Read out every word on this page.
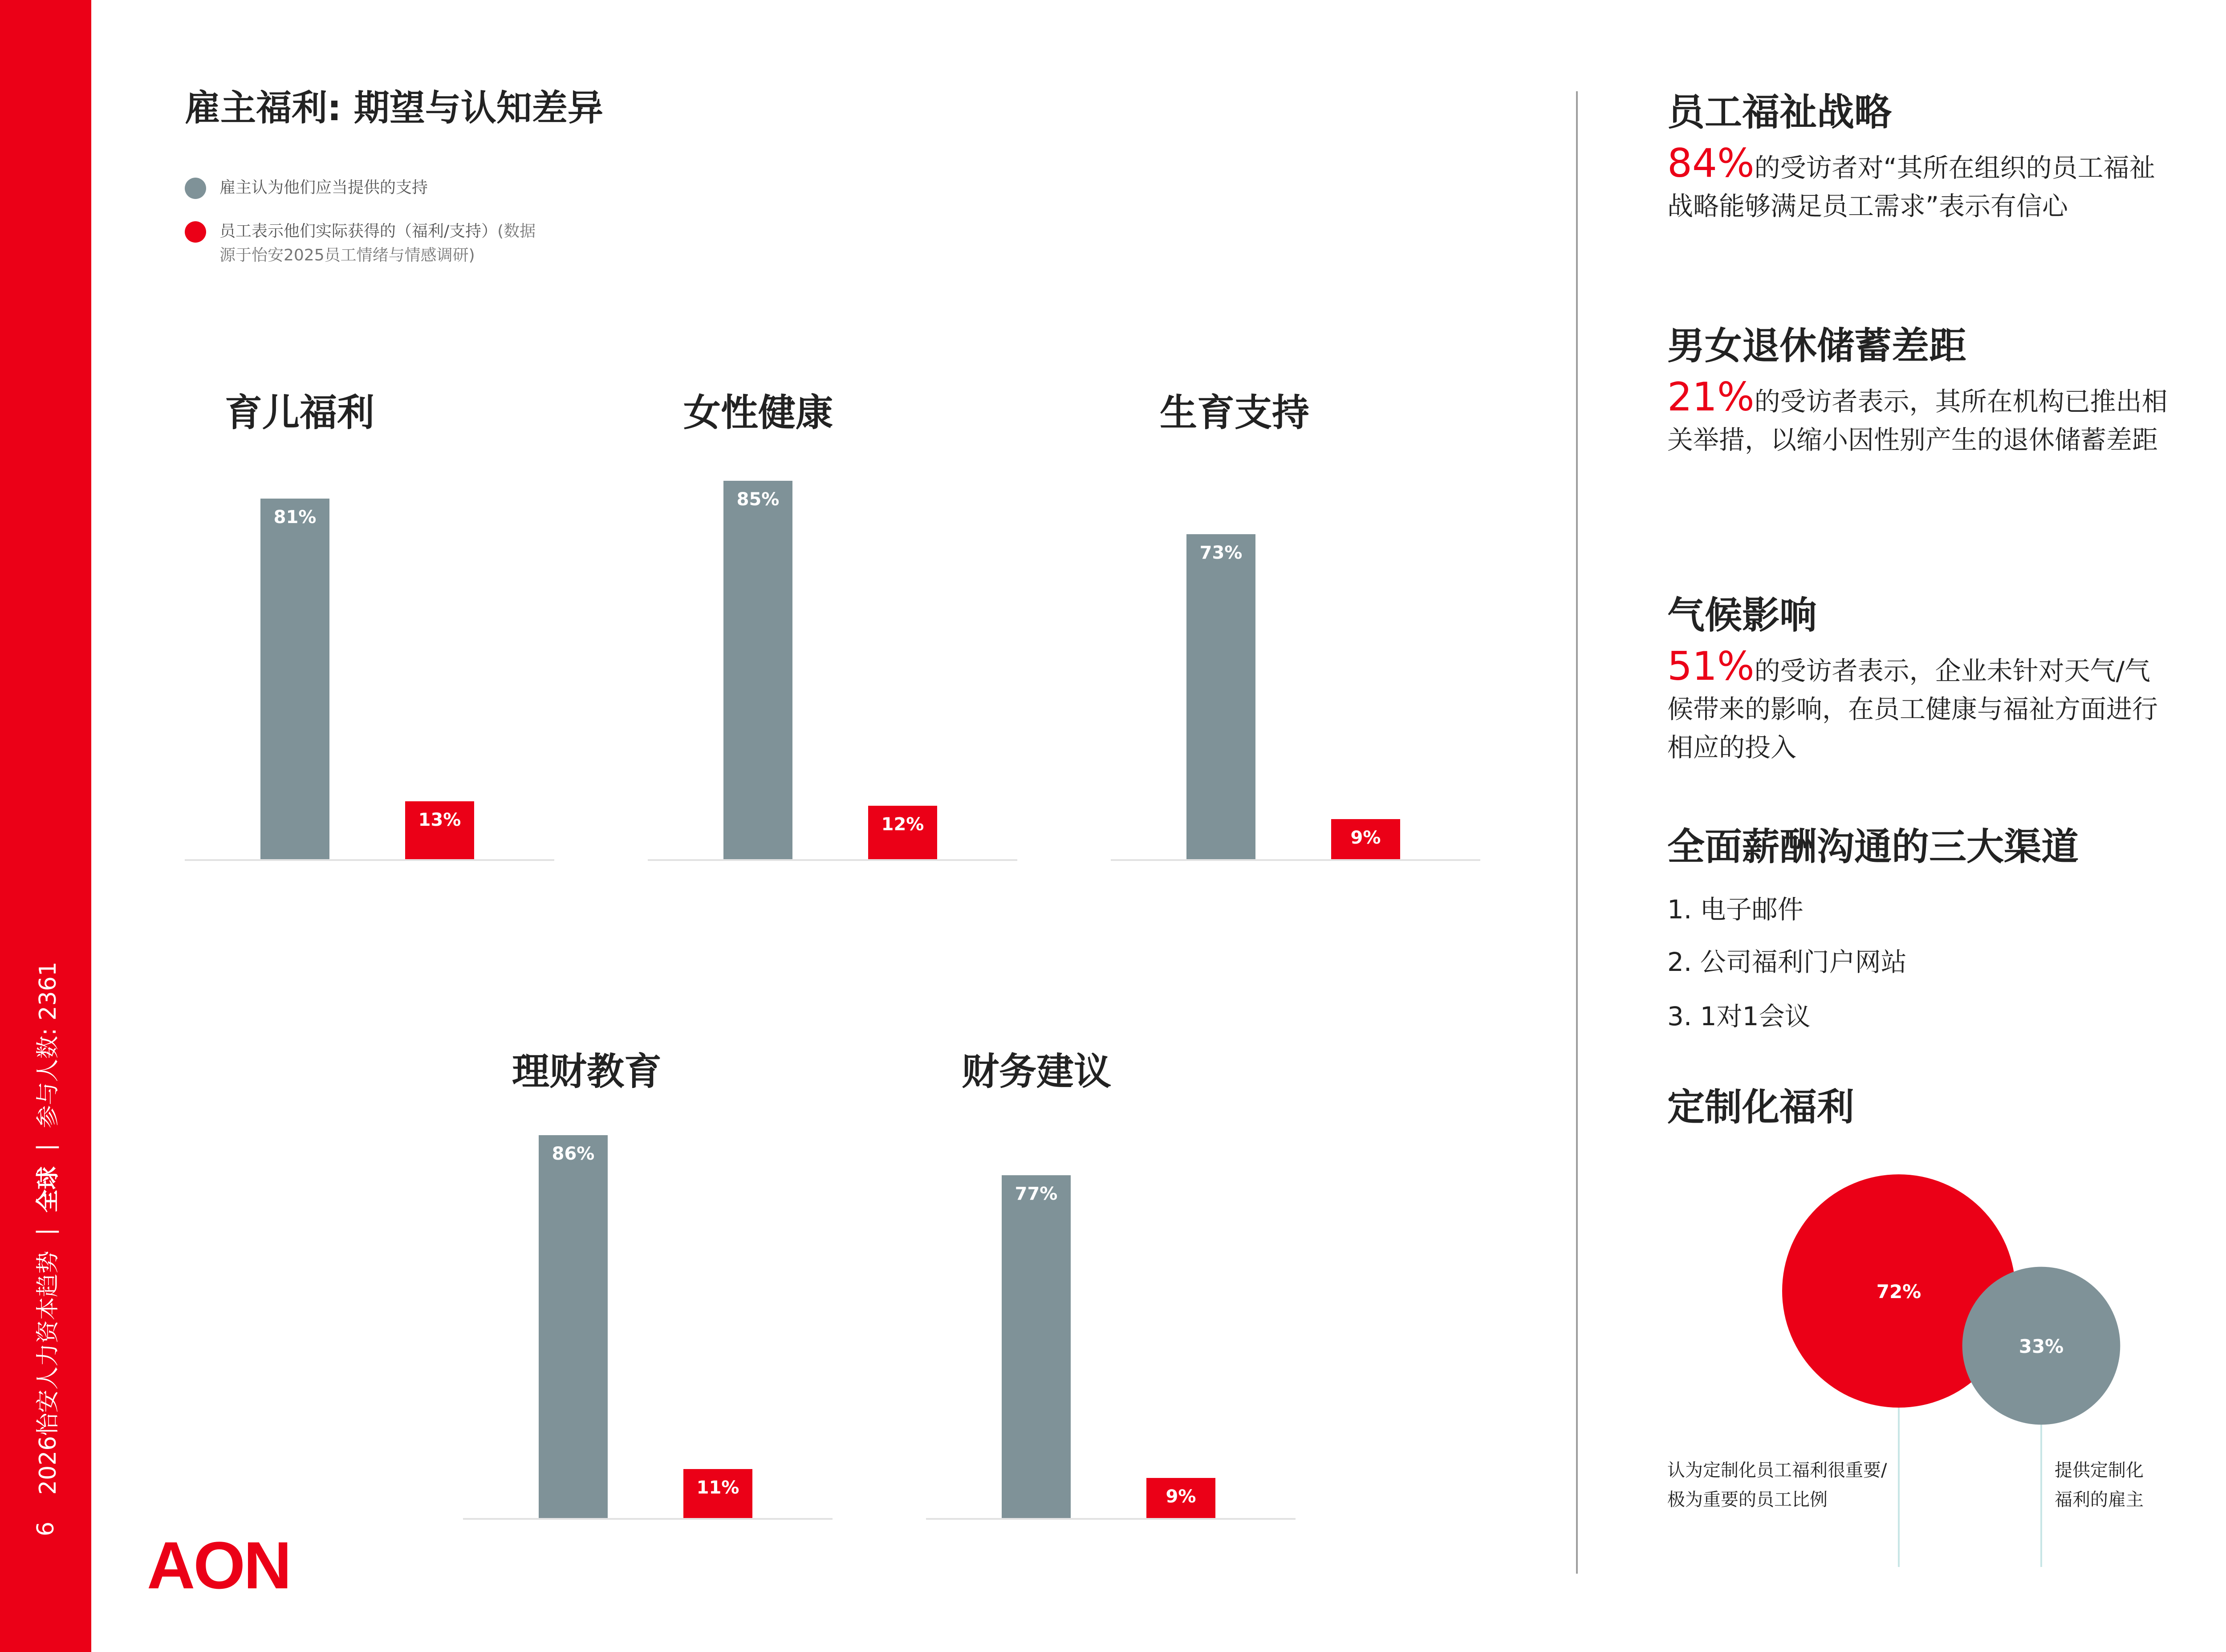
6
2026怡安人力资本趋势
|
全球
|
参与人数: 2361
雇主福利: 期望与认知差异
雇主认为他们应当提供的支持
员工表示他们实际获得的（福利/支持）(数据源于怡安2025员工情绪与情感调研)
育儿福利
81%
13%
女性健康
85%
12%
生育支持
73%
9%
理财教育
86%
11%
财务建议
77%
9%
AON
员工福祉战略
84%的受访者对“其所在组织的员工福祉战略能够满足员工需求”表示有信心
男女退休储蓄差距
21%的受访者表示，其所在机构已推出相关举措，以缩小因性别产生的退休储蓄差距
气候影响
51%的受访者表示，企业未针对天气/气候带来的影响，在员工健康与福祉方面进行相应的投入
全面薪酬沟通的三大渠道
1. 电子邮件
2. 公司福利门户网站
3. 1对1会议
定制化福利
72%
33%
认为定制化员工福利很重要/极为重要的员工比例
提供定制化福利的雇主
